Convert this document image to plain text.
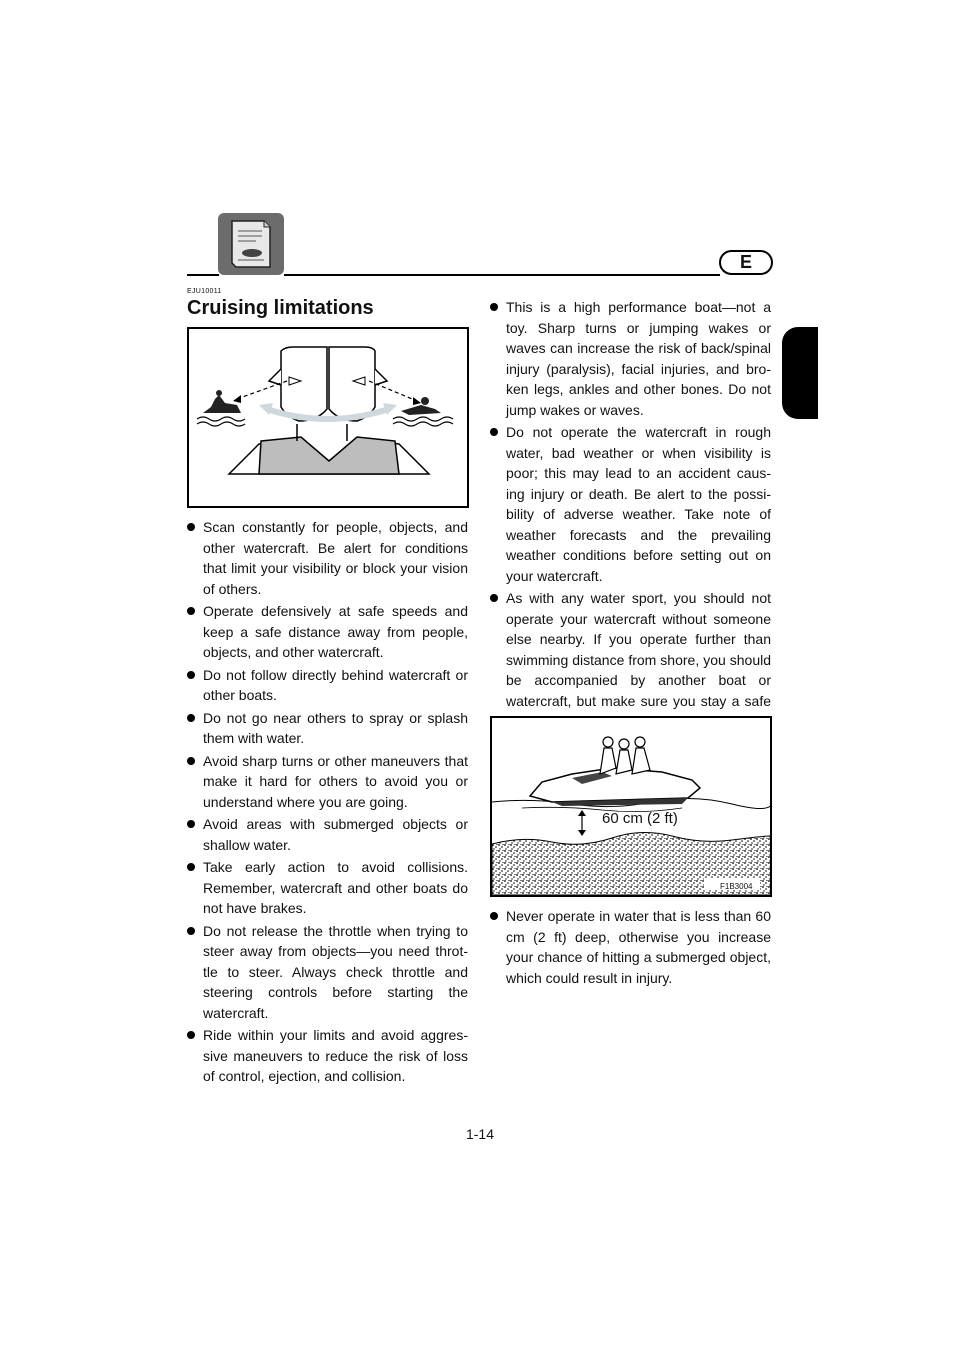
E
EJU10011
Cruising limitations
Scan constantly for people, objects, and other watercraft. Be alert for conditions that limit your visibility or block your vision of others.
Operate defensively at safe speeds and keep a safe distance away from people, objects, and other watercraft.
Do not follow directly behind watercraft or other boats.
Do not go near others to spray or splash them with water.
Avoid sharp turns or other maneuvers that make it hard for others to avoid you or understand where you are going.
Avoid areas with submerged objects or shallow water.
Take early action to avoid collisions. Remember, watercraft and other boats do not have brakes.
Do not release the throttle when trying to steer away from objects—you need throt-tle to steer. Always check throttle and steering controls before starting the watercraft.
Ride within your limits and avoid aggres-sive maneuvers to reduce the risk of loss of control, ejection, and collision.
This is a high performance boat—not a toy. Sharp turns or jumping wakes or waves can increase the risk of back/spinal injury (paralysis), facial injuries, and bro-ken legs, ankles and other bones. Do not jump wakes or waves.
Do not operate the watercraft in rough water, bad weather or when visibility is poor; this may lead to an accident caus-ing injury or death. Be alert to the possi-bility of adverse weather. Take note of weather forecasts and the prevailing weather conditions before setting out on your watercraft.
As with any water sport, you should not operate your watercraft without someone else nearby. If you operate further than swimming distance from shore, you should be accompanied by another boat or watercraft, but make sure you stay a safe
60 cm (2 ft)
F1B3004
Never operate in water that is less than 60 cm (2 ft) deep, otherwise you increase your chance of hitting a submerged object, which could result in injury.
1-14
